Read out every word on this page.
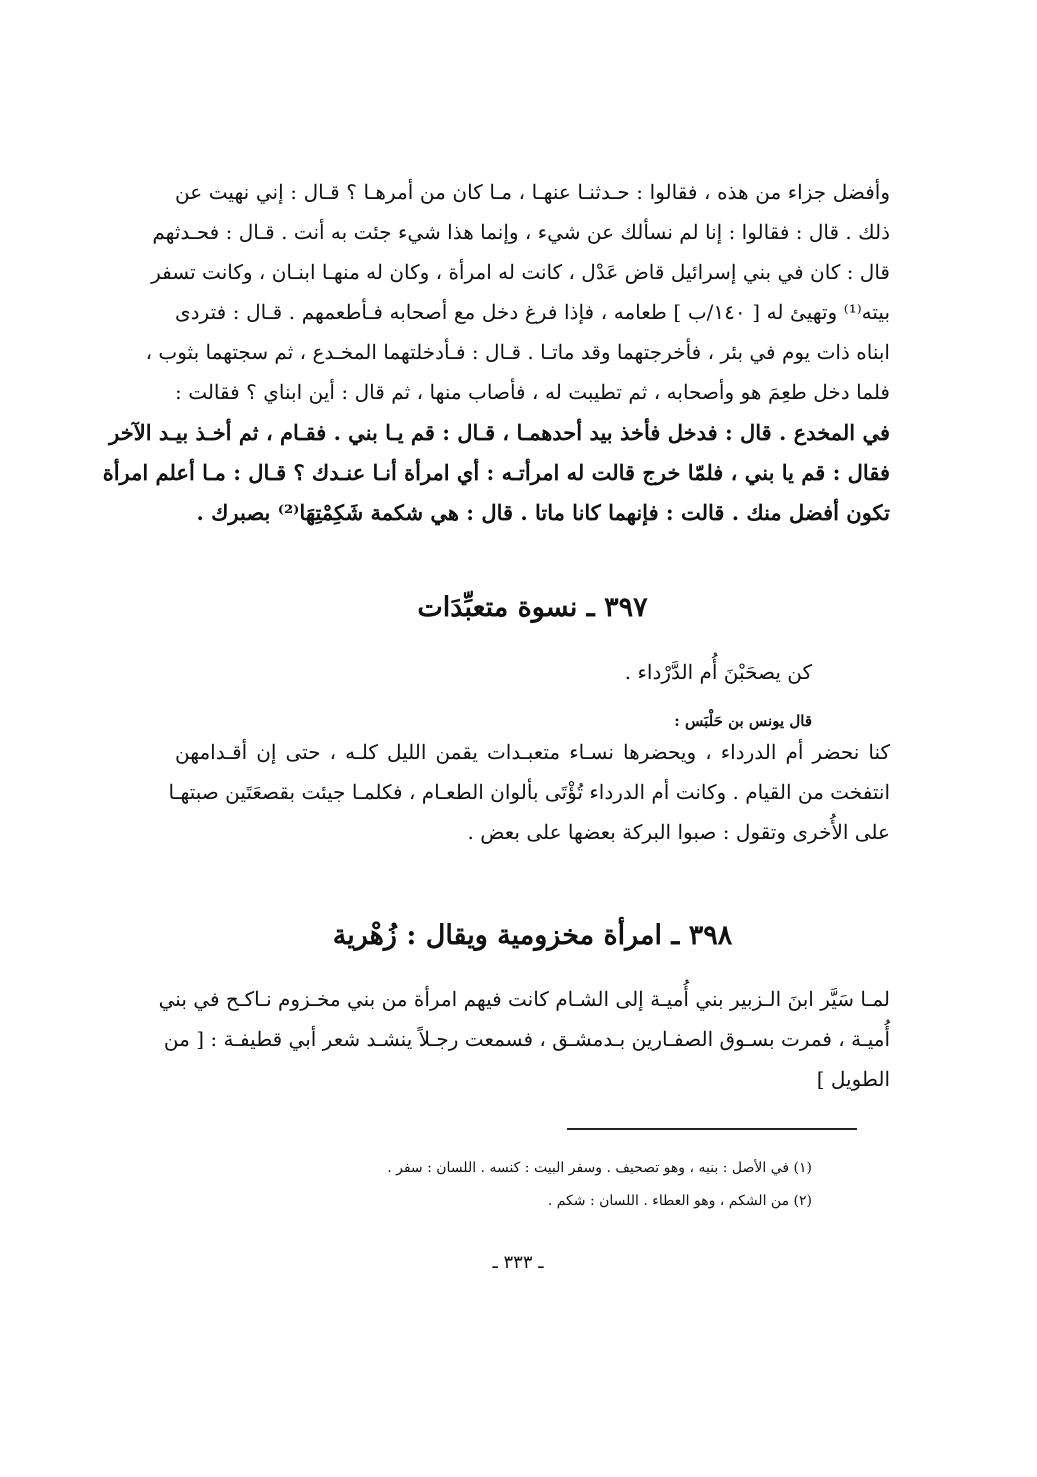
وأفضل جزاء من هذه ، فقالوا : حـدثنـا عنهـا ، مـا كان من أمرهـا ؟ قـال : إني نهيت عن
ذلك . قال : فقالوا : إنا لم نسألك عن شيء ، وإنما هذا شيء جئت به أنت . قـال : فحـدثهم
قال : كان في بني إسرائيل قاض عَدْل ، كانت له امرأة ، وكان له منهـا ابنـان ، وكانت تسفر
بيته⁽¹⁾ وتهيئ له [ ١٤٠/ب ] طعامه ، فإذا فرغ دخل مع أصحابه فـأطعمهم . قـال : فتردى
ابناه ذات يوم في بئر ، فأخرجتهما وقد ماتـا . قـال : فـأدخلتهما المخـدع ، ثم سجتهما بثوب ،
فلما دخل طعِمَ هو وأصحابه ، ثم تطيبت له ، فأصاب منها ، ثم قال : أين ابناي ؟ فقالت :
في المخدع . قال : فدخل فأخذ بيد أحدهمـا ، قـال : قم يـا بني . فقـام ، ثم أخـذ بيـد الآخر
فقال : قم يا بني ، فلمّا خرج قالت له امرأتـه : أي امرأة أنـا عنـدك ؟ قـال : مـا أعلم امرأة
تكون أفضل منك . قالت : فإنهما كانا ماتا . قال : هي شكمة شَكِمْتِهَا⁽²⁾ بصبرك .
٣٩٧ ـ نسوة متعبِّدَات
كن يصحَبْنَ أُم الدَّرْداء .
قال يونس بن حَلْبَس :
كنا نحضر أم الدرداء ، ويحضرها نسـاء متعبـدات يقمن الليل كلـه ، حتى إن أقـدامهن
انتفخت من القيام . وكانت أم الدرداء تُؤْتَى بألوان الطعـام ، فكلمـا جيئت بقصعَتَين صبتهـا
على الأُخرى وتقول : صبوا البركة بعضها على بعض .
٣٩٨ ـ امرأة مخزومية ويقال : زُهْرية
لمـا سَيَّر ابنَ الـزبير بني أُميـة إلى الشـام كانت فيهم امرأة من بني مخـزوم نـاكـح في بني
أُميـة ، فمرت بسـوق الصفـارين بـدمشـق ، فسمعت رجـلاً ينشـد شعر أبي قطيفـة : [ من
الطويل ]
(١) في الأصل : بنيه ، وهو تصحيف . وسفر البيت : كنسه . اللسان : سفر .
(٢) من الشكم ، وهو العطاء . اللسان : شكم .
ـ ٣٣٣ ـ
